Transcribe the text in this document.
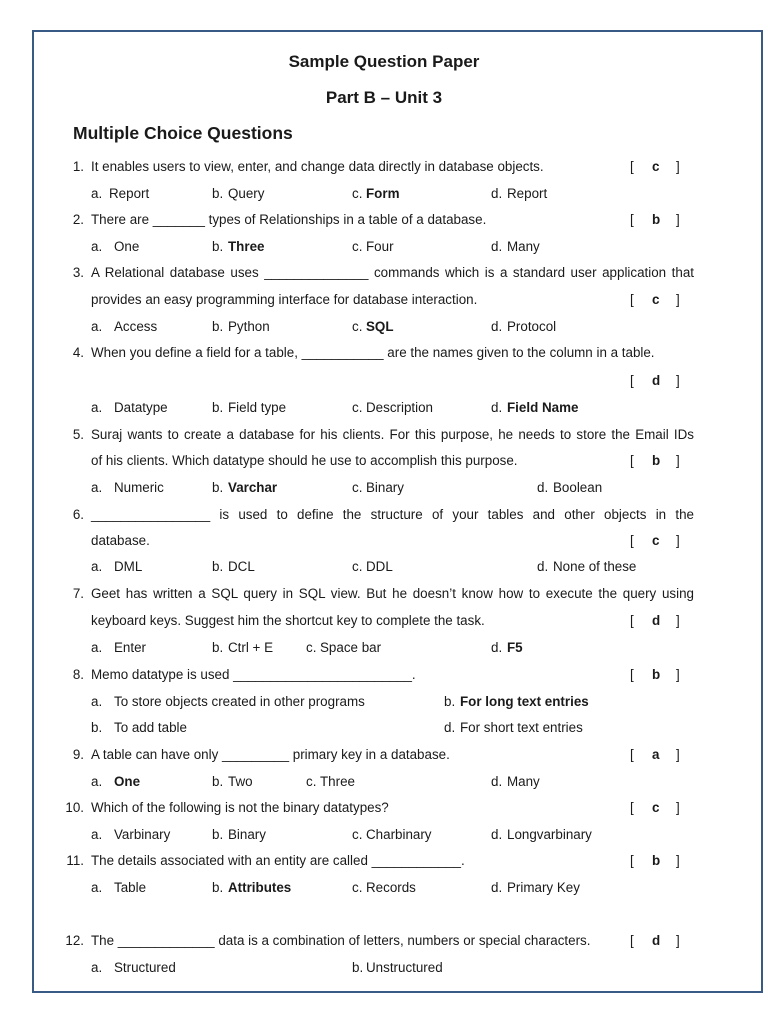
Sample Question Paper
Part B – Unit 3
Multiple Choice Questions
1. It enables users to view, enter, and change data directly in database objects.	[ c ]
a. Report	b. Query	c. Form	d. Report
2. There are _______ types of Relationships in a table of a database.	[ b ]
a. One	b. Three	c. Four	d. Many
3. A Relational database uses ______________ commands which is a standard user application that
provides an easy programming interface for database interaction.	[ c ]
a. Access	b. Python	c. SQL	d. Protocol
4. When you define a field for a table, ___________ are the names given to the column in a table.
[ d ]
a. Datatype	b. Field type	c. Description	d. Field Name
5. Suraj wants to create a database for his clients. For this purpose, he needs to store the Email IDs
of his clients. Which datatype should he use to accomplish this purpose.	[ b ]
a. Numeric	b. Varchar	c. Binary	d. Boolean
6. ________________ is used to define the structure of your tables and other objects in the
database.	[ c ]
a. DML	b. DCL	c. DDL	d. None of these
7. Geet has written a SQL query in SQL view. But he doesn’t know how to execute the query using
keyboard keys. Suggest him the shortcut key to complete the task.	[ d ]
a. Enter	b. Ctrl + E c. Space bar	d. F5
8. Memo datatype is used ________________________.	[ b ]
a. To store objects created in other programs	b. For long text entries
b. To add table	d. For short text entries
9. A table can have only _________ primary key in a database.	[ a ]
a. One	b. Two	c. Three	d. Many
10. Which of the following is not the binary datatypes?	[ c ]
a. Varbinary	b. Binary	c. Charbinary	d. Longvarbinary
11. The details associated with an entity are called ____________.	[ b ]
a. Table	b. Attributes	c. Records	d. Primary Key
12. The _____________ data is a combination of letters, numbers or special characters.	[ d ]
a. Structured	b. Unstructured
